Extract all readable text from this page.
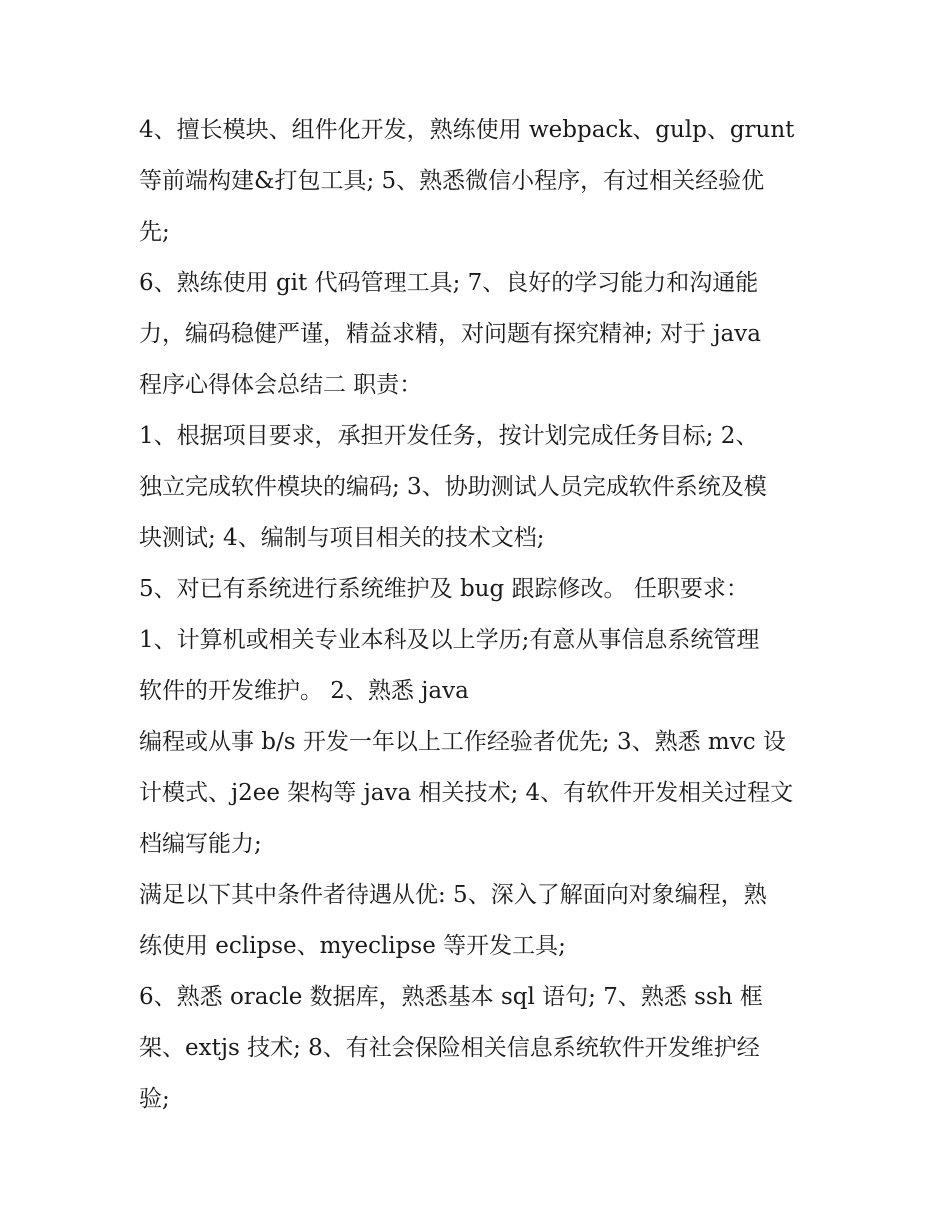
4、擅长模块、组件化开发，熟练使用 webpack、gulp、grunt
等前端构建&打包工具; 5、熟悉微信小程序，有过相关经验优
先;
6、熟练使用 git 代码管理工具; 7、良好的学习能力和沟通能
力，编码稳健严谨，精益求精，对问题有探究精神; 对于 java
程序心得体会总结二 职责：
1、根据项目要求，承担开发任务，按计划完成任务目标; 2、
独立完成软件模块的编码; 3、协助测试人员完成软件系统及模
块测试; 4、编制与项目相关的技术文档;
5、对已有系统进行系统维护及 bug 跟踪修改。 任职要求：
1、计算机或相关专业本科及以上学历;有意从事信息系统管理
软件的开发维护。 2、熟悉 java
编程或从事 b/s 开发一年以上工作经验者优先; 3、熟悉 mvc 设
计模式、j2ee 架构等 java 相关技术; 4、有软件开发相关过程文
档编写能力;
满足以下其中条件者待遇从优: 5、深入了解面向对象编程，熟
练使用 eclipse、myeclipse 等开发工具;
6、熟悉 oracle 数据库，熟悉基本 sql 语句; 7、熟悉 ssh 框
架、extjs 技术; 8、有社会保险相关信息系统软件开发维护经
验;
